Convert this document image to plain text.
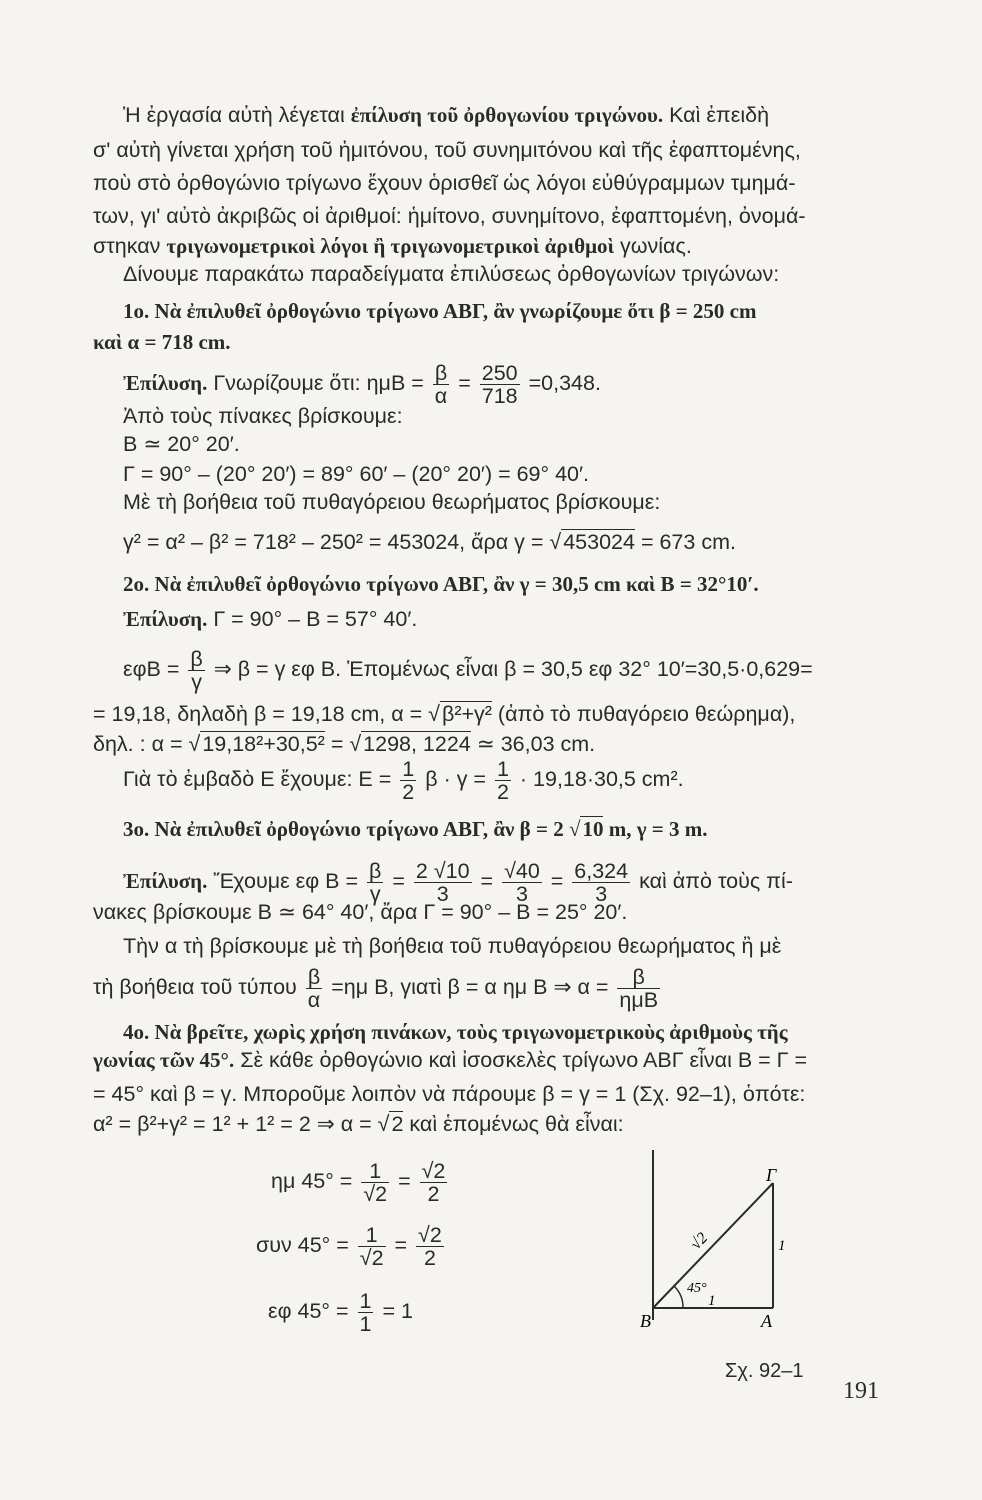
Ἡ ἐργασία αὐτὴ λέγεται ἐπίλυση τοῦ ὀρθογωνίου τριγώνου. Καὶ ἐπειδὴ
σ' αὐτὴ γίνεται χρήση τοῦ ἡμιτόνου, τοῦ συνημιτόνου καὶ τῆς ἐφαπτομένης,
ποὺ στὸ ὀρθογώνιο τρίγωνο ἔχουν ὁρισθεῖ ὡς λόγοι εὐθύγραμμων τμημά-
των, γι' αὐτὸ ἀκριβῶς οἱ ἀριθμοί: ἡμίτονο, συνημίτονο, ἐφαπτομένη, ὀνομά-
στηκαν τριγωνομετρικοὶ λόγοι ἢ τριγωνομετρικοὶ ἀριθμοὶ γωνίας.
Δίνουμε παρακάτω παραδείγματα ἐπιλύσεως ὀρθογωνίων τριγώνων:
1ο. Νὰ ἐπιλυθεῖ ὀρθογώνιο τρίγωνο ΑΒΓ, ἂν γνωρίζουμε ὅτι β = 250 cm
καὶ α = 718 cm.
Ἐπίλυση. Γνωρίζουμε ὅτι: $\eta\mu B = \frac{\beta}{\alpha} = \frac{250}{718} =0,348$.
Ἀπὸ τοὺς πίνακες βρίσκουμε:
B ≃ 20° 20′.
Γ = 90° – (20° 20′) = 89° 60′ – (20° 20′) = 69° 40′.
Μὲ τὴ βοήθεια τοῦ πυθαγόρειου θεωρήματος βρίσκουμε:
γ² = α² – β² = 718² – 250² = 453024, ἄρα γ = √453024 = 673 cm.
2ο. Νὰ ἐπιλυθεῖ ὀρθογώνιο τρίγωνο ΑΒΓ, ἂν γ = 30,5 cm καὶ Β = 32°10′.
Ἐπίλυση. Γ = 90° – Β = 57° 40′.
$\varepsilon\varphi B = \frac{\beta}{\gamma}$ ⇒ β = γ εφ Β. Ἑπομένως εἶναι β = 30,5 εφ 32° 10′=30,5·0,629=
= 19,18, δηλαδὴ β = 19,18 cm, α = √β²+γ² (ἀπὸ τὸ πυθαγόρειο θεώρημα),
δηλ. : α = √19,18²+30,5² = √1298, 1224 ≃ 36,03 cm.
Γιὰ τὸ ἐμβαδὸ Ε ἔχουμε: $E = \frac{1}{2}$ $\beta \cdot \gamma = \frac{1}{2} \cdot 19,18\cdot 30,5$ cm².
3ο. Νὰ ἐπιλυθεῖ ὀρθογώνιο τρίγωνο ΑΒΓ, ἂν β = 2 √10 m, γ = 3 m.
Ἐπίλυση. Ἔχουμε εφ $B = \frac{\beta}{\gamma} = \frac{2 √10}{3} = \frac{√40}{3} = \frac{6,324}{3}$ καὶ ἀπὸ τοὺς πί-
νακες βρίσκουμε Β ≃ 64° 40′, ἄρα Γ = 90° – Β = 25° 20′.
Τὴν α τὴ βρίσκουμε μὲ τὴ βοήθεια τοῦ πυθαγόρειου θεωρήματος ἢ μὲ
τὴ βοήθεια τοῦ τύπου $\frac{\beta}{\alpha} =\eta\mu$ Β, γιατὶ β = α ημ Β ⇒ $\alpha = \frac{\beta}{\text{ημB}}$
4ο. Νὰ βρεῖτε, χωρὶς χρήση πινάκων, τοὺς τριγωνομετρικοὺς ἀριθμοὺς τῆς
γωνίας τῶν 45°. Σὲ κάθε ὀρθογώνιο καὶ ἰσοσκελὲς τρίγωνο ΑΒΓ εἶναι Β = Γ =
= 45° καὶ β = γ. Μποροῦμε λοιπὸν νὰ πάρουμε β = γ = 1 (Σχ. 92–1), ὁπότε:
α² = β²+γ² = 1² + 1² = 2 ⇒ α = √2 καὶ ἑπομένως θὰ εἶναι:
ημ $45^\circ = \frac{1}{√2} = \frac{√2}{2}$
συν $45^\circ = \frac{1}{√2} = \frac{√2}{2}$
εφ $45^\circ = \frac{1}{1} = 1$	B	A
Γ
√2
1
1
45°
Σχ. 92–1
191
